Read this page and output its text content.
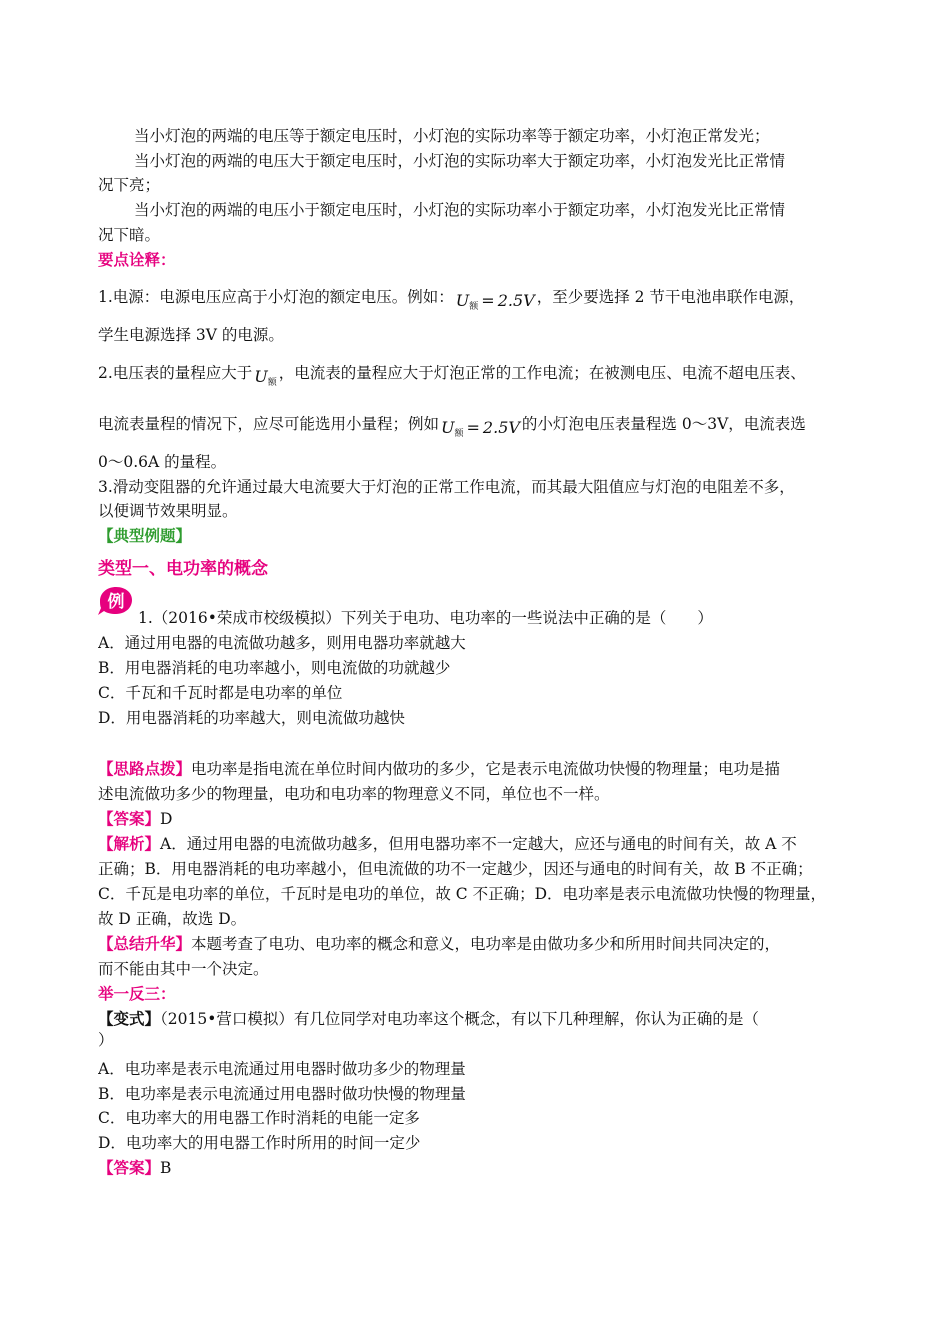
当小灯泡的两端的电压等于额定电压时，小灯泡的实际功率等于额定功率，小灯泡正常发光；
当小灯泡的两端的电压大于额定电压时，小灯泡的实际功率大于额定功率，小灯泡发光比正常情
况下亮；
当小灯泡的两端的电压小于额定电压时，小灯泡的实际功率小于额定功率，小灯泡发光比正常情
况下暗。
要点诠释：
1.电源：电源电压应高于小灯泡的额定电压。例如： $U_额 = 2.5V$ ，至少要选择 2 节干电池串联作电源，
学生电源选择 3V 的电源。
2.电压表的量程应大于 $U_额$，电流表的量程应大于灯泡正常的工作电流；在被测电压、电流不超电压表、
电流表量程的情况下，应尽可能选用小量程；例如 $U_额 = 2.5V$ 的小灯泡电压表量程选 0～3V，电流表选
0～0.6A 的量程。
3.滑动变阻器的允许通过最大电流要大于灯泡的正常工作电流，而其最大阻值应与灯泡的电阻差不多，
以便调节效果明显。
【典型例题】
类型一、电功率的概念
例
1.（2016•荣成市校级模拟）下列关于电功、电功率的一些说法中正确的是（　　）
A．通过用电器的电流做功越多，则用电器功率就越大
B．用电器消耗的电功率越小，则电流做的功就越少
C．千瓦和千瓦时都是电功率的单位
D．用电器消耗的功率越大，则电流做功越快
【思路点拨】电功率是指电流在单位时间内做功的多少，它是表示电流做功快慢的物理量；电功是描
述电流做功多少的物理量，电功和电功率的物理意义不同，单位也不一样。
【答案】D
【解析】A．通过用电器的电流做功越多，但用电器功率不一定越大，应还与通电的时间有关，故 A 不
正确；B．用电器消耗的电功率越小，但电流做的功不一定越少，因还与通电的时间有关，故 B 不正确；
C．千瓦是电功率的单位，千瓦时是电功的单位，故 C 不正确；D．电功率是表示电流做功快慢的物理量，
故 D 正确，故选 D。
【总结升华】本题考查了电功、电功率的概念和意义，电功率是由做功多少和所用时间共同决定的，
而不能由其中一个决定。
举一反三：
【变式】（2015•营口模拟）有几位同学对电功率这个概念，有以下几种理解，你认为正确的是（
）
A．电功率是表示电流通过用电器时做功多少的物理量
B．电功率是表示电流通过用电器时做功快慢的物理量
C．电功率大的用电器工作时消耗的电能一定多
D．电功率大的用电器工作时所用的时间一定少
【答案】B
